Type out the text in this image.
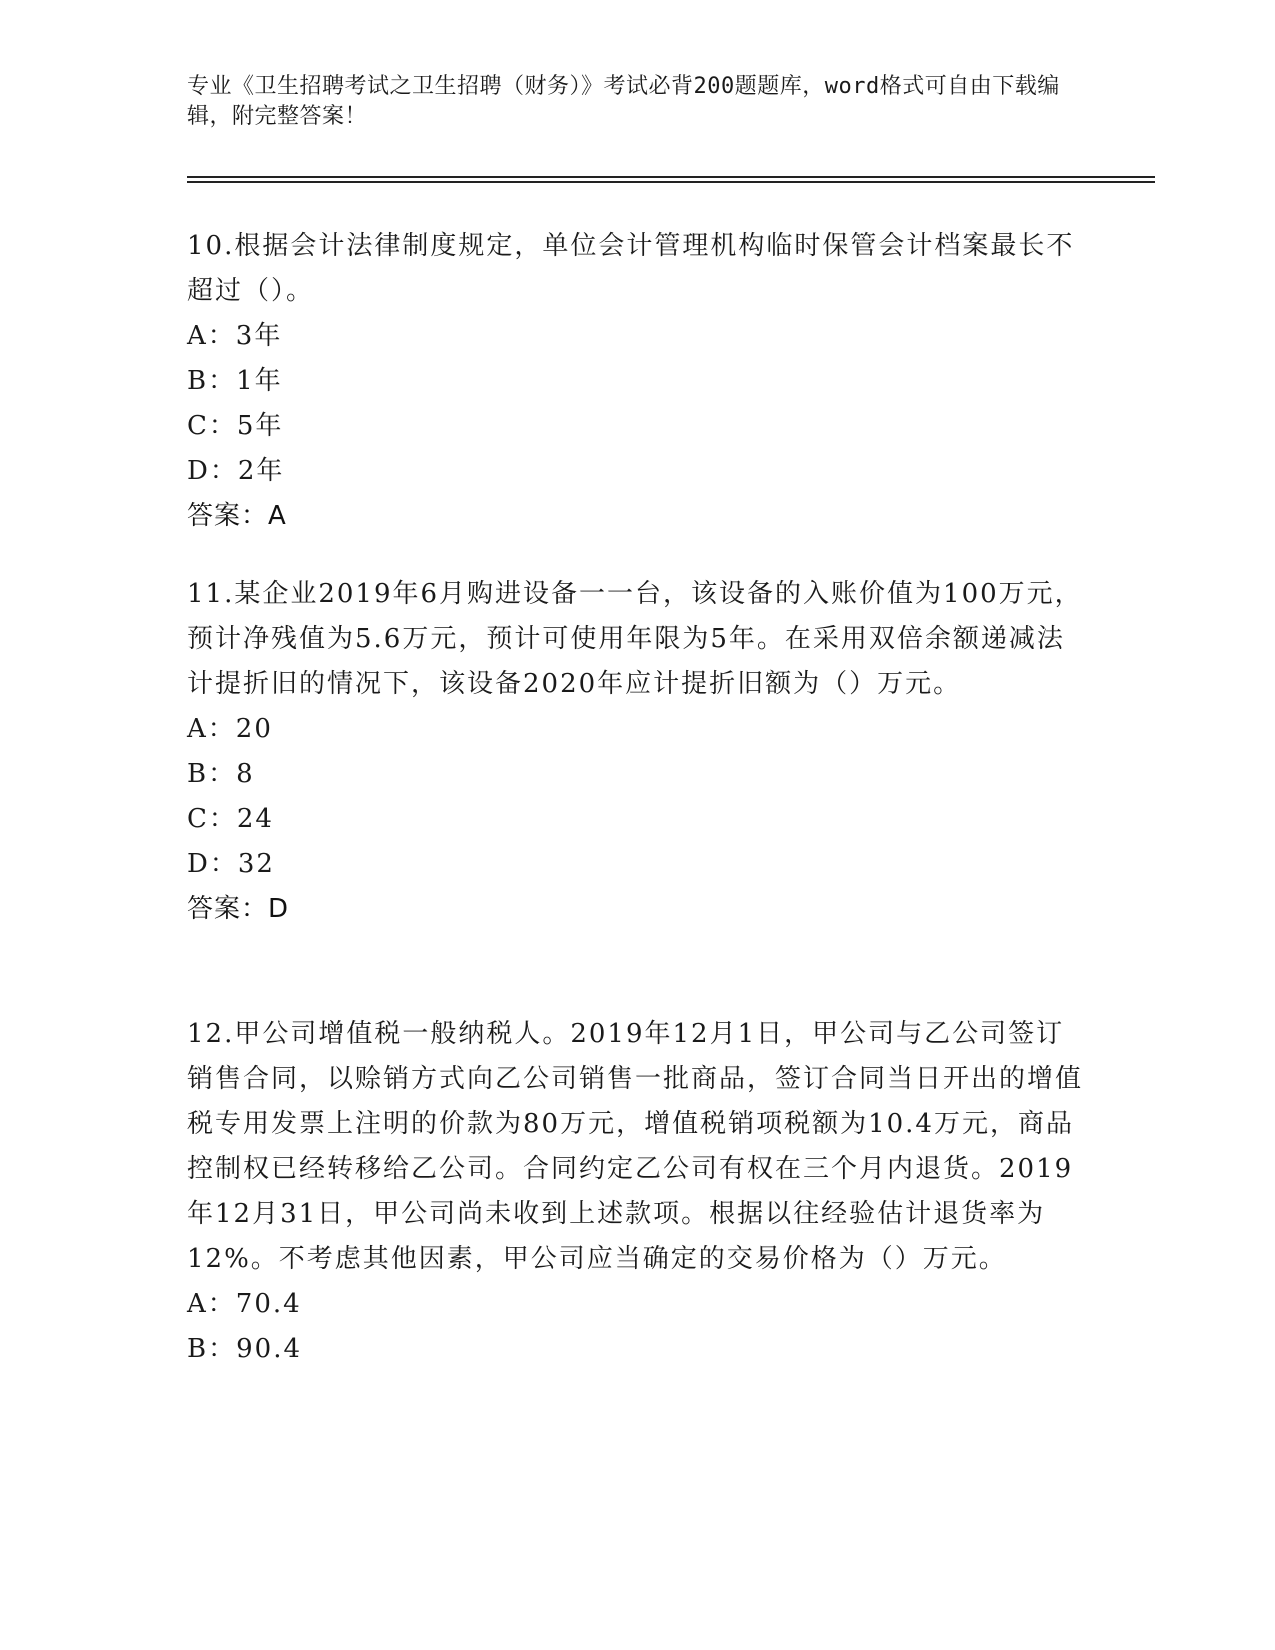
专业《卫生招聘考试之卫生招聘（财务）》考试必背200题题库，word格式可自由下载编辑，附完整答案！
10.根据会计法律制度规定，单位会计管理机构临时保管会计档案最长不超过（）。
A：3年
B：1年
C：5年
D：2年
答案：A
11.某企业2019年6月购进设备一一台，该设备的入账价值为100万元，预计净残值为5.6万元，预计可使用年限为5年。在采用双倍余额递减法计提折旧的情况下，该设备2020年应计提折旧额为（）万元。
A：20
B：8
C：24
D：32
答案：D
12.甲公司增值税一般纳税人。2019年12月1日，甲公司与乙公司签订销售合同，以赊销方式向乙公司销售一批商品，签订合同当日开出的增值税专用发票上注明的价款为80万元，增值税销项税额为10.4万元，商品控制权已经转移给乙公司。合同约定乙公司有权在三个月内退货。2019年12月31日，甲公司尚未收到上述款项。根据以往经验估计退货率为12%。不考虑其他因素，甲公司应当确定的交易价格为（）万元。
A：70.4
B：90.4
